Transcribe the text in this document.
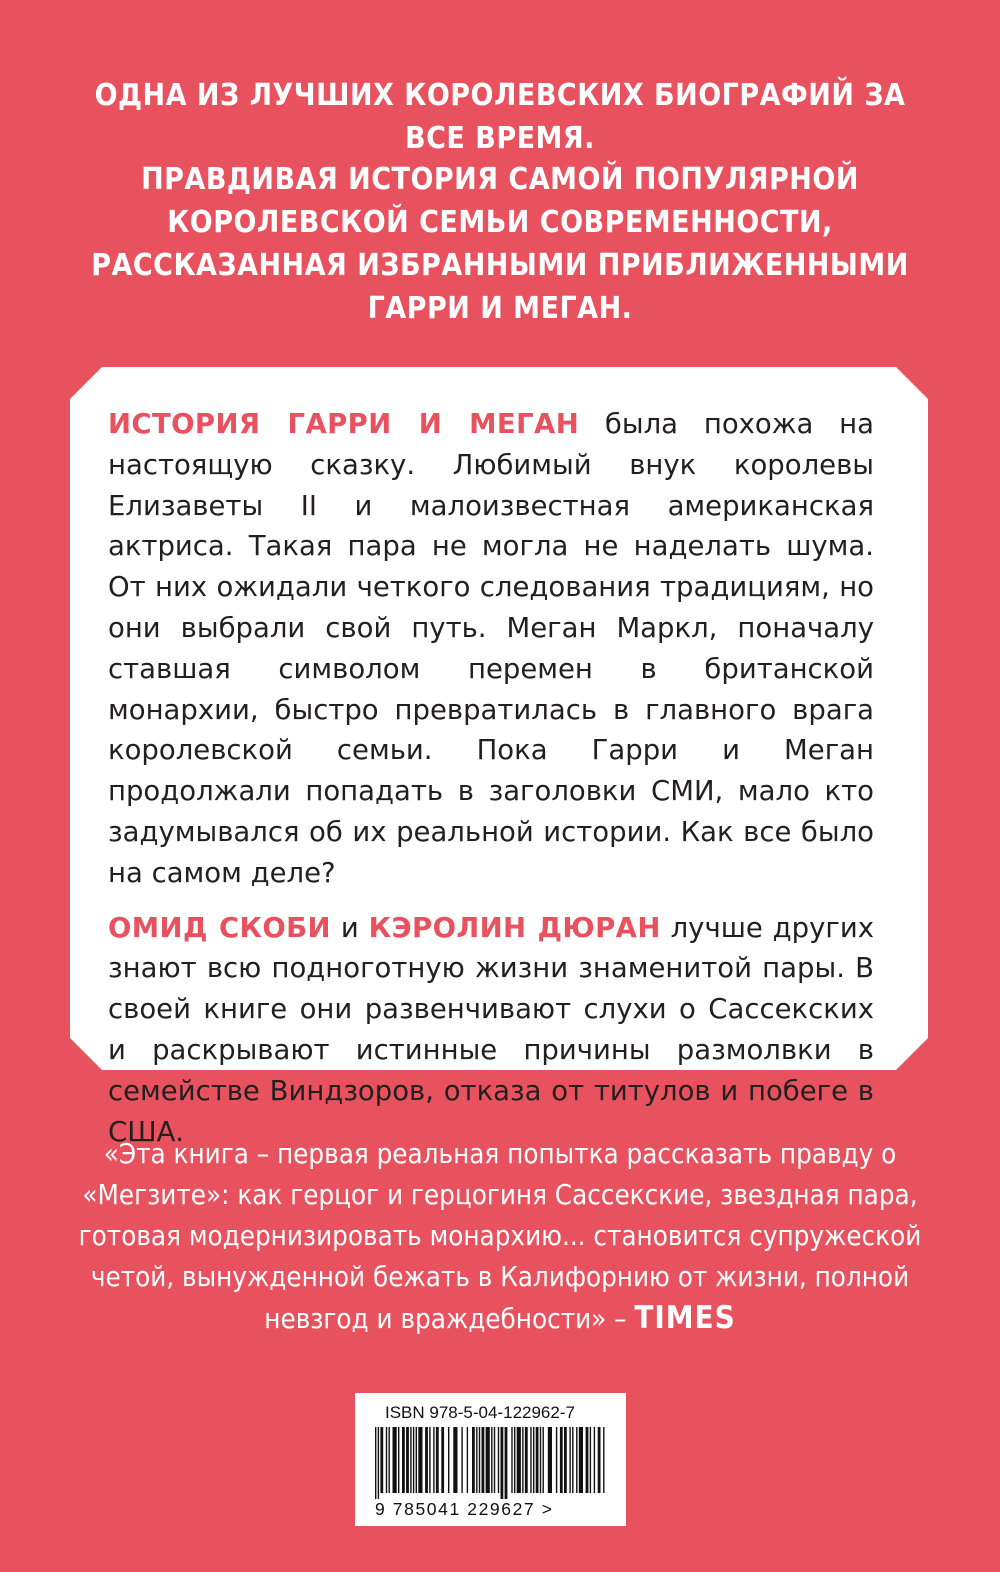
ОДНА ИЗ ЛУЧШИХ КОРОЛЕВСКИХ БИОГРАФИЙ ЗА ВСЕ ВРЕМЯ.
ПРАВДИВАЯ ИСТОРИЯ САМОЙ ПОПУЛЯРНОЙ КОРОЛЕВСКОЙ СЕМЬИ СОВРЕМЕННОСТИ, РАССКАЗАННАЯ ИЗБРАННЫМИ ПРИБЛИЖЕННЫМИ ГАРРИ И МЕГАН.

ИСТОРИЯ ГАРРИ И МЕГАН была похожа на настоящую сказку. Любимый внук королевы Елизаветы II и малоизвестная американская актриса. Такая пара не могла не наделать шума. От них ожидали четкого следования традициям, но они выбрали свой путь. Меган Маркл, поначалу ставшая символом перемен в британской монархии, быстро превратилась в главного врага королевской семьи. Пока Гарри и Меган продолжали попадать в заголовки СМИ, мало кто задумывался об их реальной истории. Как все было на самом деле?

ОМИД СКОБИ и КЭРОЛИН ДЮРАН лучше других знают всю подноготную жизни знаменитой пары. В своей книге они развенчивают слухи о Сассекских и раскрывают истинные причины размолвки в семействе Виндзоров, отказа от титулов и побеге в США.

«Эта книга – первая реальная попытка рассказать правду о «Мегзите»: как герцог и герцогиня Сассекские, звездная пара, готовая модернизировать монархию... становится супружеской четой, вынужденной бежать в Калифорнию от жизни, полной невзгод и враждебности» – TIMES
ISBN 978-5-04-122962-7
9 785041 229627 >
